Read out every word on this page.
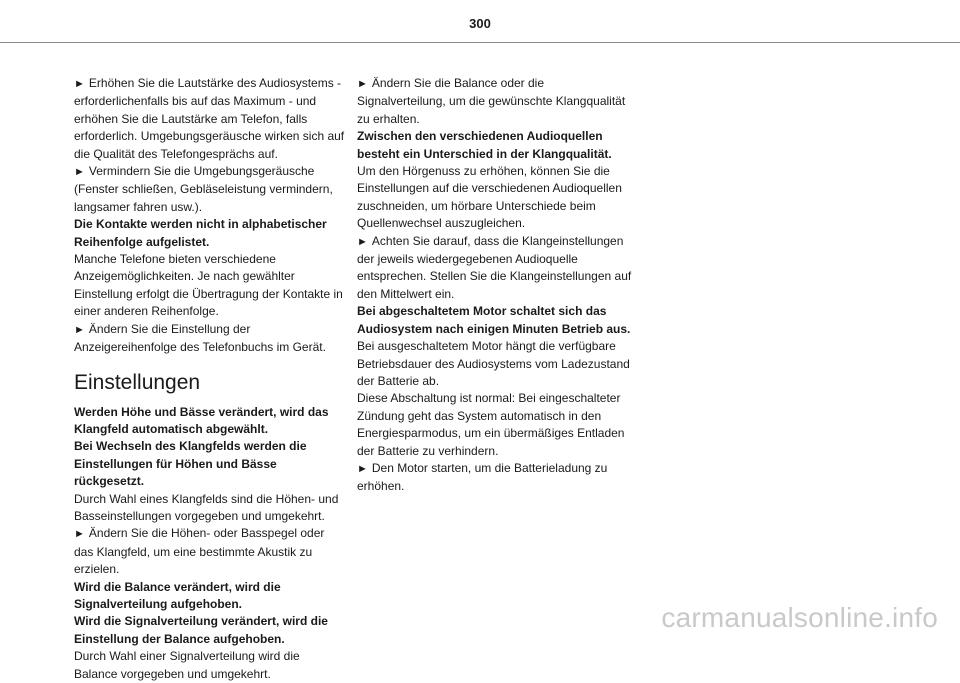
300

► Erhöhen Sie die Lautstärke des Audiosystems - erforderlichenfalls bis auf das Maximum - und erhöhen Sie die Lautstärke am Telefon, falls erforderlich. Umgebungsgeräusche wirken sich auf die Qualität des Telefongesprächs auf.

► Vermindern Sie die Umgebungsgeräusche (Fenster schließen, Gebläseleistung vermindern, langsamer fahren usw.).

Die Kontakte werden nicht in alphabetischer Reihenfolge aufgelistet.

Manche Telefone bieten verschiedene Anzeigemöglichkeiten. Je nach gewählter Einstellung erfolgt die Übertragung der Kontakte in einer anderen Reihenfolge.

► Ändern Sie die Einstellung der Anzeigereihenfolge des Telefonbuchs im Gerät.

Einstellungen

Werden Höhe und Bässe verändert, wird das Klangfeld automatisch abgewählt.

Bei Wechseln des Klangfelds werden die Einstellungen für Höhen und Bässe rückgesetzt.

Durch Wahl eines Klangfelds sind die Höhen- und Basseinstellungen vorgegeben und umgekehrt.

► Ändern Sie die Höhen- oder Basspegel oder das Klangfeld, um eine bestimmte Akustik zu erzielen.

Wird die Balance verändert, wird die Signalverteilung aufgehoben.

Wird die Signalverteilung verändert, wird die Einstellung der Balance aufgehoben.

Durch Wahl einer Signalverteilung wird die Balance vorgegeben und umgekehrt.

► Ändern Sie die Balance oder die Signalverteilung, um die gewünschte Klangqualität zu erhalten.

Zwischen den verschiedenen Audioquellen besteht ein Unterschied in der Klangqualität.

Um den Hörgenuss zu erhöhen, können Sie die Einstellungen auf die verschiedenen Audioquellen zuschneiden, um hörbare Unterschiede beim Quellenwechsel auszugleichen.

► Achten Sie darauf, dass die Klangeinstellungen der jeweils wiedergegebenen Audioquelle entsprechen. Stellen Sie die Klangeinstellungen auf den Mittelwert ein.

Bei abgeschaltetem Motor schaltet sich das Audiosystem nach einigen Minuten Betrieb aus.

Bei ausgeschaltetem Motor hängt die verfügbare Betriebsdauer des Audiosystems vom Ladezustand der Batterie ab.

Diese Abschaltung ist normal: Bei eingeschalteter Zündung geht das System automatisch in den Energiesparmodus, um ein übermäßiges Entladen der Batterie zu verhindern.

► Den Motor starten, um die Batterieladung zu erhöhen.

carmanualsonline.info
